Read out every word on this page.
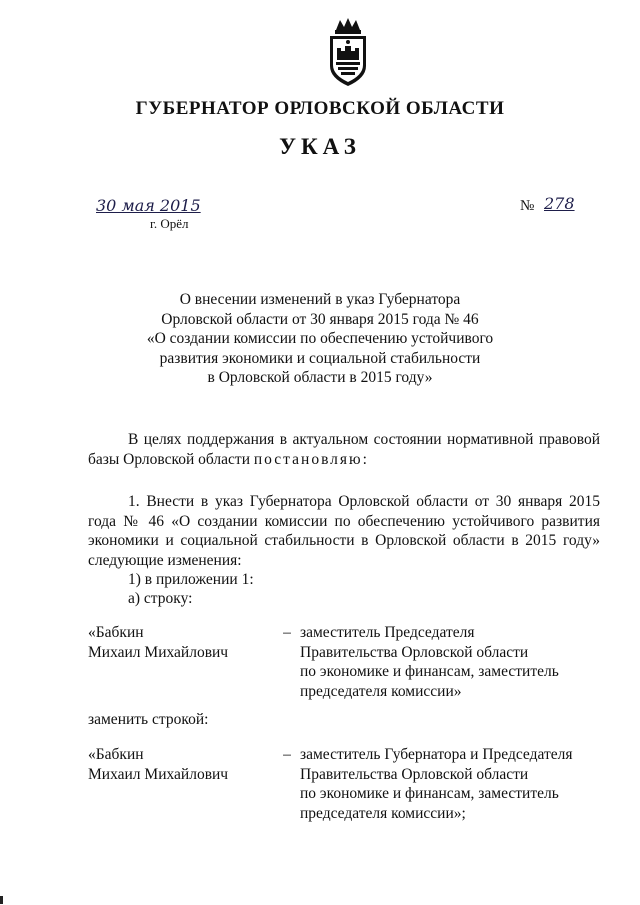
ГУБЕРНАТОР ОРЛОВСКОЙ ОБЛАСТИ
УКАЗ
30 мая 2015	№ 278
г. Орёл
О внесении изменений в указ Губернатора
Орловской области от 30 января 2015 года № 46
«О создании комиссии по обеспечению устойчивого
развития экономики и социальной стабильности
в Орловской области в 2015 году»
В целях поддержания в актуальном состоянии нормативной правовой базы Орловской области постановляю:
1. Внести в указ Губернатора Орловской области от 30 января 2015 года № 46 «О создании комиссии по обеспечению устойчивого развития экономики и социальной стабильности в Орловской области в 2015 году» следующие изменения:
1) в приложении 1:
а) строку:
«Бабкин
Михаил Михайлович
– заместитель Председателя
Правительства Орловской области
по экономике и финансам, заместитель
председателя комиссии»
заменить строкой:
«Бабкин
Михаил Михайлович
– заместитель Губернатора и Председателя
Правительства Орловской области
по экономике и финансам, заместитель
председателя комиссии»;
